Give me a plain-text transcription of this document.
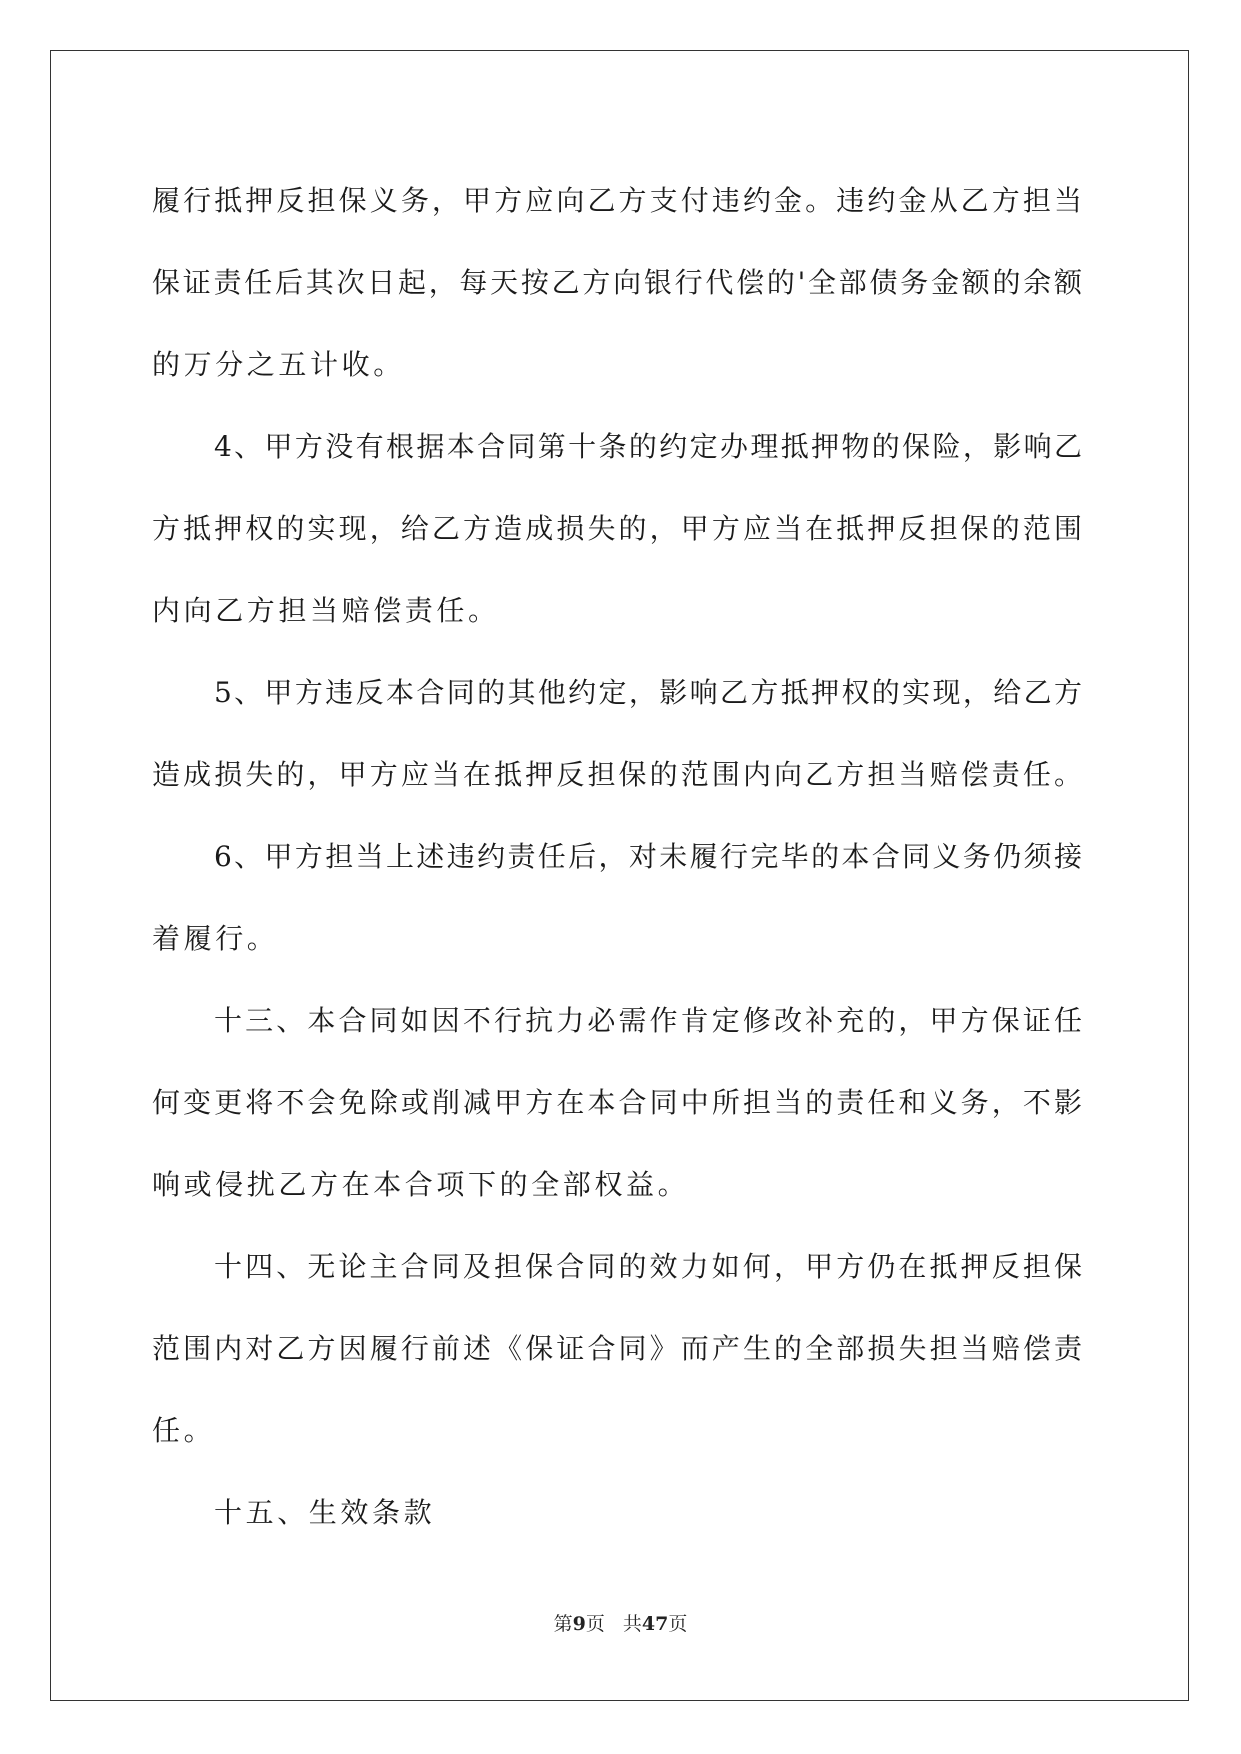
履行抵押反担保义务，甲方应向乙方支付违约金。违约金从乙方担当
保证责任后其次日起，每天按乙方向银行代偿的'全部债务金额的余额
的万分之五计收。
4、甲方没有根据本合同第十条的约定办理抵押物的保险，影响乙
方抵押权的实现，给乙方造成损失的，甲方应当在抵押反担保的范围
内向乙方担当赔偿责任。
5、甲方违反本合同的其他约定，影响乙方抵押权的实现，给乙方
造成损失的，甲方应当在抵押反担保的范围内向乙方担当赔偿责任。
6、甲方担当上述违约责任后，对未履行完毕的本合同义务仍须接
着履行。
十三、本合同如因不行抗力必需作肯定修改补充的，甲方保证任
何变更将不会免除或削减甲方在本合同中所担当的责任和义务，不影
响或侵扰乙方在本合项下的全部权益。
十四、无论主合同及担保合同的效力如何，甲方仍在抵押反担保
范围内对乙方因履行前述《保证合同》而产生的全部损失担当赔偿责
任。
十五、生效条款
第9页 共47页
